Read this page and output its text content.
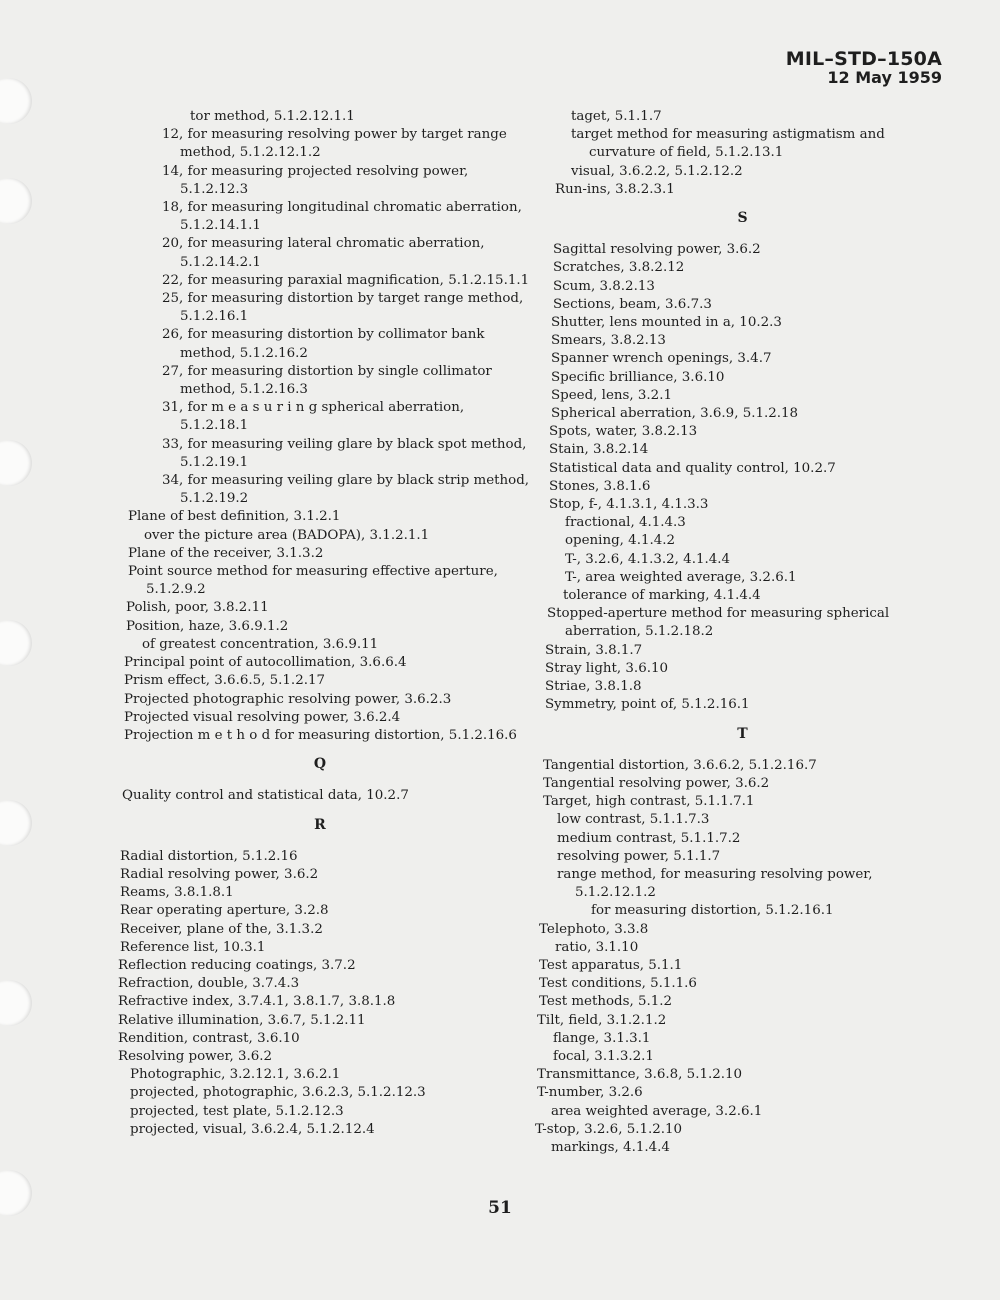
MIL–STD–150A
12 May 1959
tor method, 5.1.2.12.1.1
12, for measuring resolving power by target range method, 5.1.2.12.1.2
14, for measuring projected resolving power, 5.1.2.12.3
18, for measuring longitudinal chromatic aberration, 5.1.2.14.1.1
20, for measuring lateral chromatic aberration, 5.1.2.14.2.1
22, for measuring paraxial magnification, 5.1.2.15.1.1
25, for measuring distortion by target range method, 5.1.2.16.1
26, for measuring distortion by collimator bank method, 5.1.2.16.2
27, for measuring distortion by single collimator method, 5.1.2.16.3
31, for m e a s u r i n g spherical aberration, 5.1.2.18.1
33, for measuring veiling glare by black spot method, 5.1.2.19.1
34, for measuring veiling glare by black strip method, 5.1.2.19.2
Plane of best definition, 3.1.2.1
over the picture area (BADOPA), 3.1.2.1.1
Plane of the receiver, 3.1.3.2
Point source method for measuring effective aperture, 5.1.2.9.2
Polish, poor, 3.8.2.11
Position, haze, 3.6.9.1.2
of greatest concentration, 3.6.9.11
Principal point of autocollimation, 3.6.6.4
Prism effect, 3.6.6.5, 5.1.2.17
Projected photographic resolving power, 3.6.2.3
Projected visual resolving power, 3.6.2.4
Projection m e t h o d for measuring distortion, 5.1.2.16.6
Q
Quality control and statistical data, 10.2.7
R
Radial distortion, 5.1.2.16
Radial resolving power, 3.6.2
Reams, 3.8.1.8.1
Rear operating aperture, 3.2.8
Receiver, plane of the, 3.1.3.2
Reference list, 10.3.1
Reflection reducing coatings, 3.7.2
Refraction, double, 3.7.4.3
Refractive index, 3.7.4.1, 3.8.1.7, 3.8.1.8
Relative illumination, 3.6.7, 5.1.2.11
Rendition, contrast, 3.6.10
Resolving power, 3.6.2
Photographic, 3.2.12.1, 3.6.2.1
projected, photographic, 3.6.2.3, 5.1.2.12.3
projected, test plate, 5.1.2.12.3
projected, visual, 3.6.2.4, 5.1.2.12.4
taget, 5.1.1.7
target method for measuring astigmatism and curvature of field, 5.1.2.13.1
visual, 3.6.2.2, 5.1.2.12.2
Run-ins, 3.8.2.3.1
S
Sagittal resolving power, 3.6.2
Scratches, 3.8.2.12
Scum, 3.8.2.13
Sections, beam, 3.6.7.3
Shutter, lens mounted in a, 10.2.3
Smears, 3.8.2.13
Spanner wrench openings, 3.4.7
Specific brilliance, 3.6.10
Speed, lens, 3.2.1
Spherical aberration, 3.6.9, 5.1.2.18
Spots, water, 3.8.2.13
Stain, 3.8.2.14
Statistical data and quality control, 10.2.7
Stones, 3.8.1.6
Stop, f-, 4.1.3.1, 4.1.3.3
fractional, 4.1.4.3
opening, 4.1.4.2
T-, 3.2.6, 4.1.3.2, 4.1.4.4
T-, area weighted average, 3.2.6.1
tolerance of marking, 4.1.4.4
Stopped-aperture method for measuring spherical aberration, 5.1.2.18.2
Strain, 3.8.1.7
Stray light, 3.6.10
Striae, 3.8.1.8
Symmetry, point of, 5.1.2.16.1
T
Tangential distortion, 3.6.6.2, 5.1.2.16.7
Tangential resolving power, 3.6.2
Target, high contrast, 5.1.1.7.1
low contrast, 5.1.1.7.3
medium contrast, 5.1.1.7.2
resolving power, 5.1.1.7
range method, for measuring resolving power, 5.1.2.12.1.2
for measuring distortion, 5.1.2.16.1
Telephoto, 3.3.8
ratio, 3.1.10
Test apparatus, 5.1.1
Test conditions, 5.1.1.6
Test methods, 5.1.2
Tilt, field, 3.1.2.1.2
flange, 3.1.3.1
focal, 3.1.3.2.1
Transmittance, 3.6.8, 5.1.2.10
T-number, 3.2.6
area weighted average, 3.2.6.1
T-stop, 3.2.6, 5.1.2.10
markings, 4.1.4.4
51
